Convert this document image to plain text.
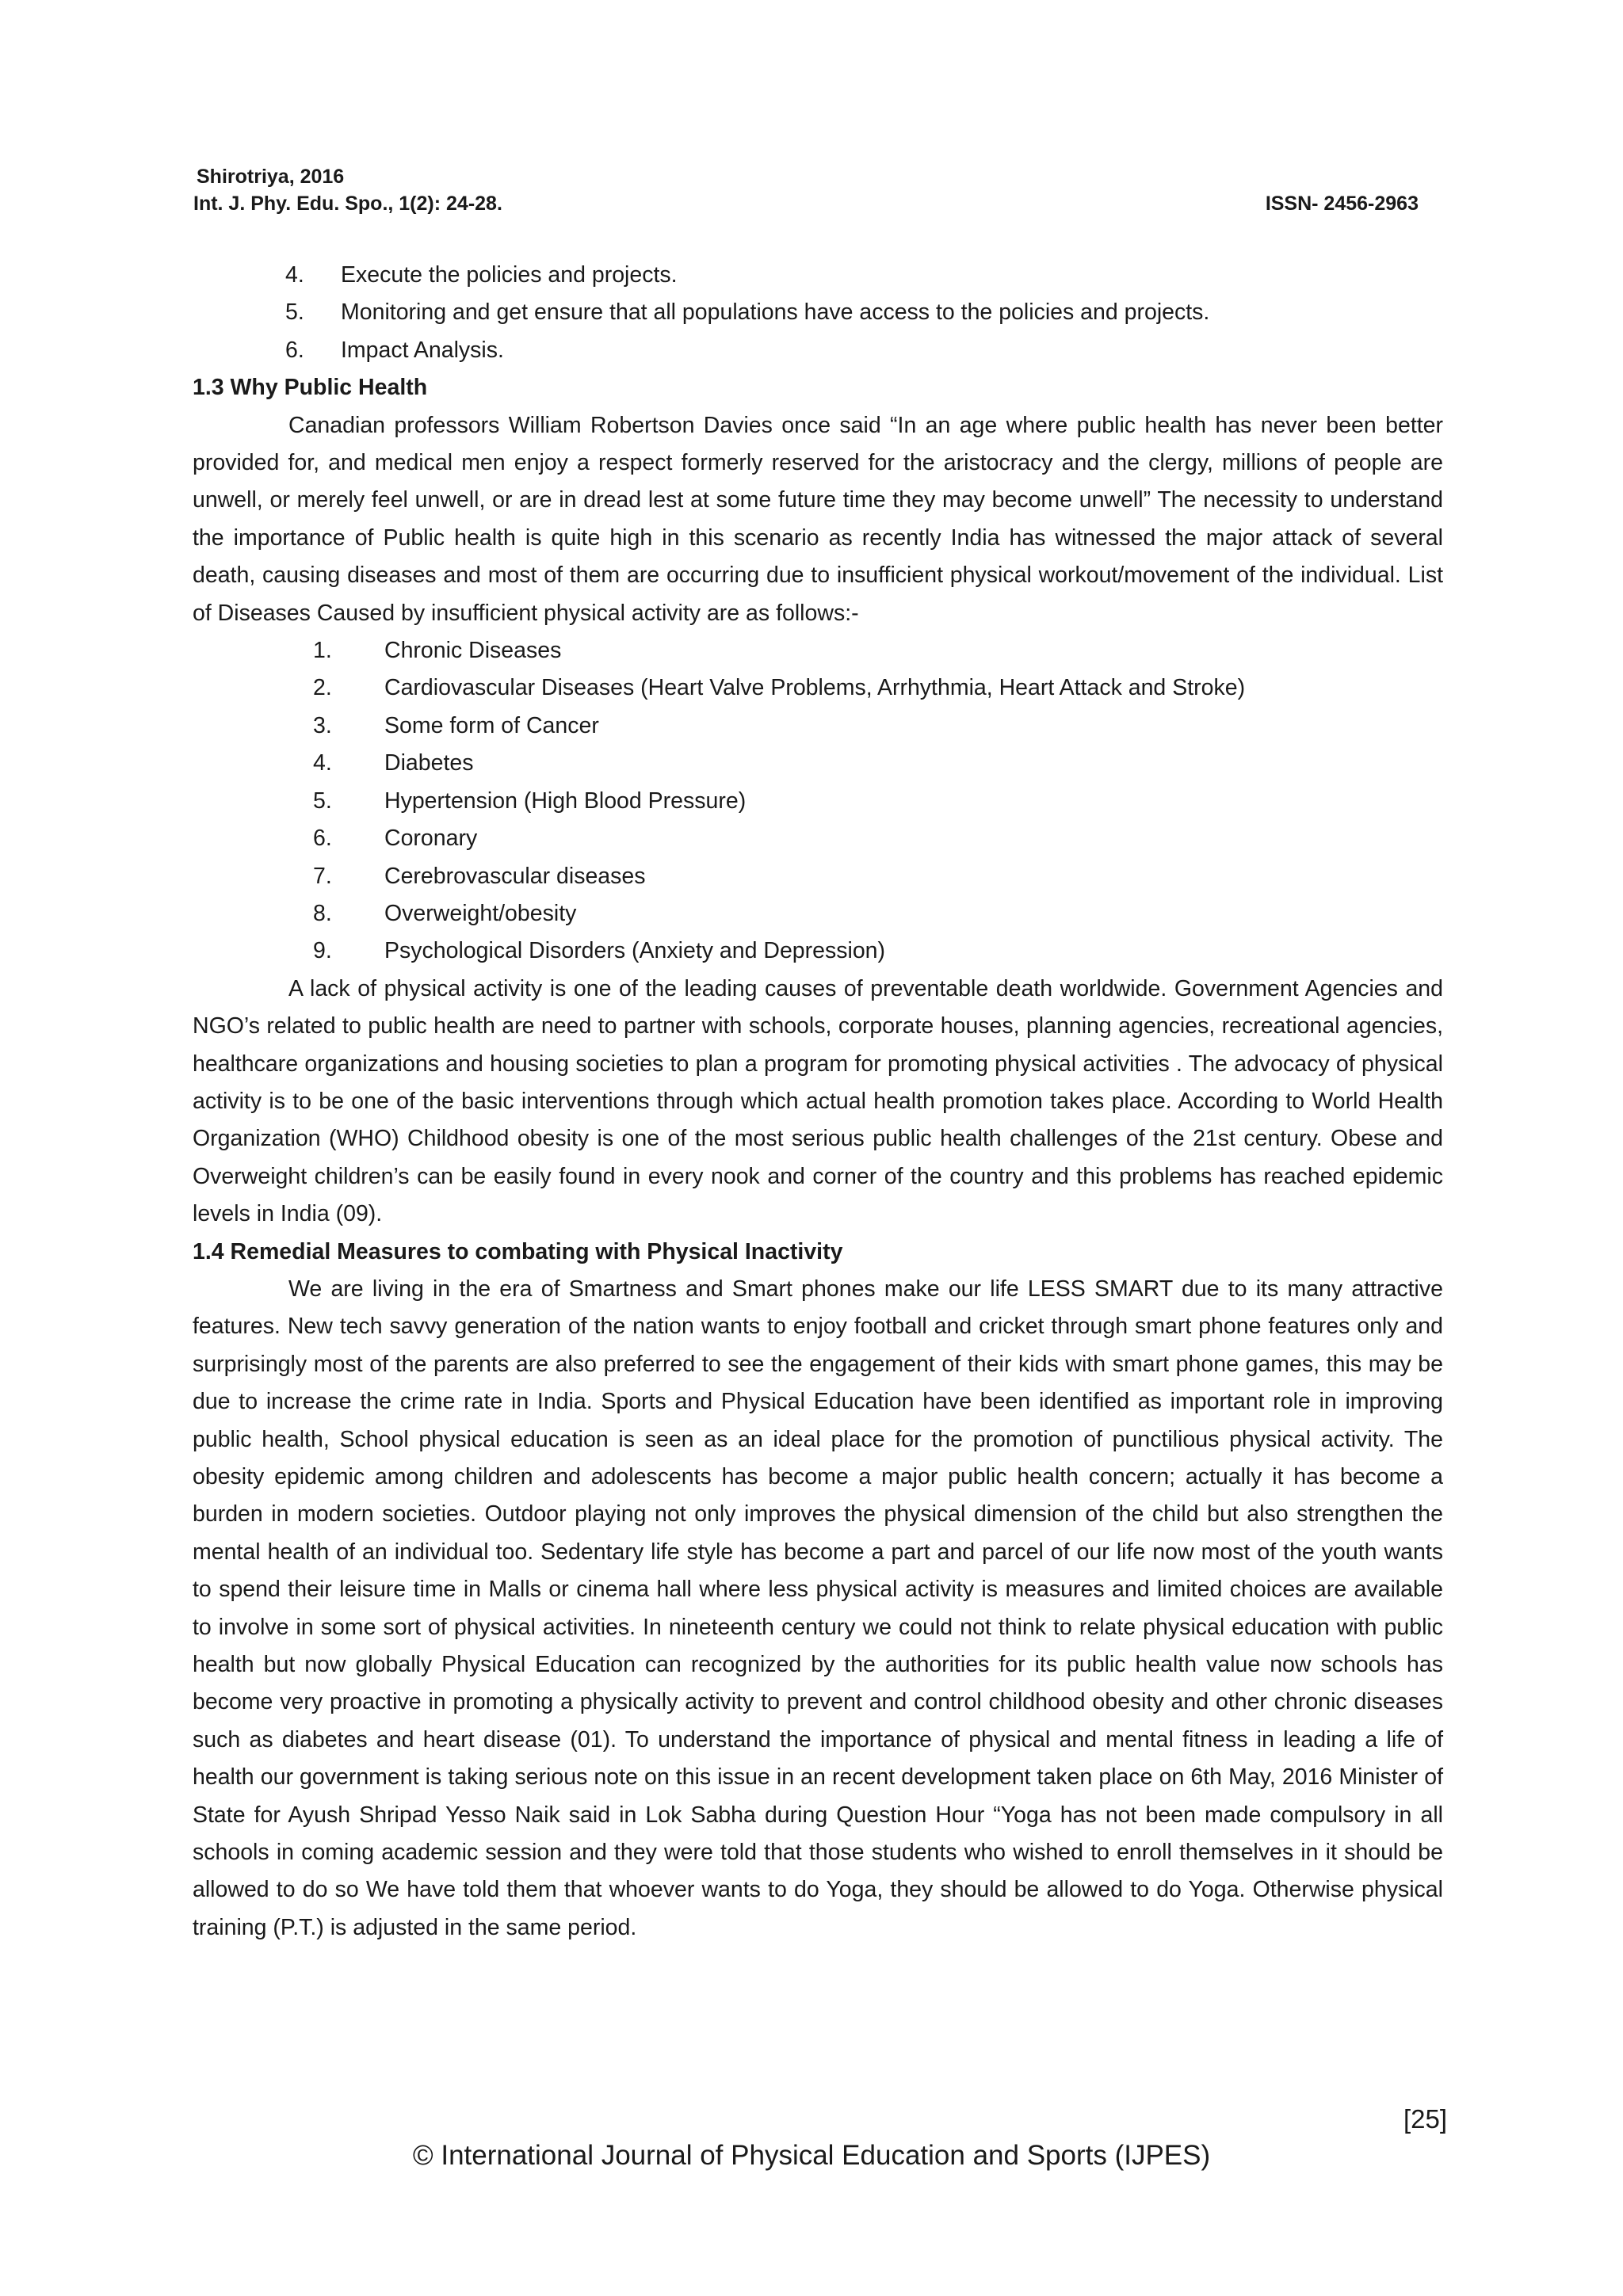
Shirotriya, 2016
Int. J. Phy. Edu. Spo., 1(2): 24-28.	ISSN- 2456-2963
4.	Execute the policies and projects.
5.	Monitoring and get ensure that all populations have access to the policies and projects.
6.	Impact Analysis.
1.3 Why Public Health

Canadian professors William Robertson Davies once said “In an age where public health has never been better provided for, and medical men enjoy a respect formerly reserved for the aristocracy and the clergy, millions of people are unwell, or merely feel unwell, or are in dread lest at some future time they may become unwell” The necessity to understand the importance of Public health is quite high in this scenario as recently India has witnessed the major attack of several death, causing diseases and most of them are occurring due to insufficient physical workout/movement of the individual. List of Diseases Caused by insufficient physical activity are as follows:-

1.	Chronic Diseases
2.	Cardiovascular Diseases (Heart Valve Problems, Arrhythmia, Heart Attack and Stroke)
3.	Some form of Cancer
4.	Diabetes
5.	Hypertension (High Blood Pressure)
6.	Coronary
7.	Cerebrovascular diseases
8.	Overweight/obesity
9.	Psychological Disorders (Anxiety and Depression)

A lack of physical activity is one of the leading causes of preventable death worldwide. Government Agencies and NGO’s related to public health are need to partner with schools, corporate houses, planning agencies, recreational agencies, healthcare organizations and housing societies to plan a program for promoting physical activities . The advocacy of physical activity is to be one of the basic interventions through which actual health promotion takes place. According to World Health Organization (WHO) Childhood obesity is one of the most serious public health challenges of the 21st century. Obese and Overweight children’s can be easily found in every nook and corner of the country and this problems has reached epidemic levels in India (09).

1.4 Remedial Measures to combating with Physical Inactivity

We are living in the era of Smartness and Smart phones make our life LESS SMART due to its many attractive features. New tech savvy generation of the nation wants to enjoy football and cricket through smart phone features only and surprisingly most of the parents are also preferred to see the engagement of their kids with smart phone games, this may be due to increase the crime rate in India. Sports and Physical Education have been identified as important role in improving public health, School physical education is seen as an ideal place for the promotion of punctilious physical activity. The obesity epidemic among children and adolescents has become a major public health concern; actually it has become a burden in modern societies. Outdoor playing not only improves the physical dimension of the child but also strengthen the mental health of an individual too. Sedentary life style has become a part and parcel of our life now most of the youth wants to spend their leisure time in Malls or cinema hall where less physical activity is measures and limited choices are available to involve in some sort of physical activities. In nineteenth century we could not think to relate physical education with public health but now globally Physical Education can recognized by the authorities for its public health value now schools has become very proactive in promoting a physically activity to prevent and control childhood obesity and other chronic diseases such as diabetes and heart disease (01). To understand the importance of physical and mental fitness in leading a life of health our government is taking serious note on this issue in an recent development taken place on 6th May, 2016 Minister of State for Ayush Shripad Yesso Naik said in Lok Sabha during Question Hour “Yoga has not been made compulsory in all schools in coming academic session and they were told that those students who wished to enroll themselves in it should be allowed to do so We have told them that whoever wants to do Yoga, they should be allowed to do Yoga. Otherwise physical training (P.T.) is adjusted in the same period.

[25]
© International Journal of Physical Education and Sports (IJPES)
